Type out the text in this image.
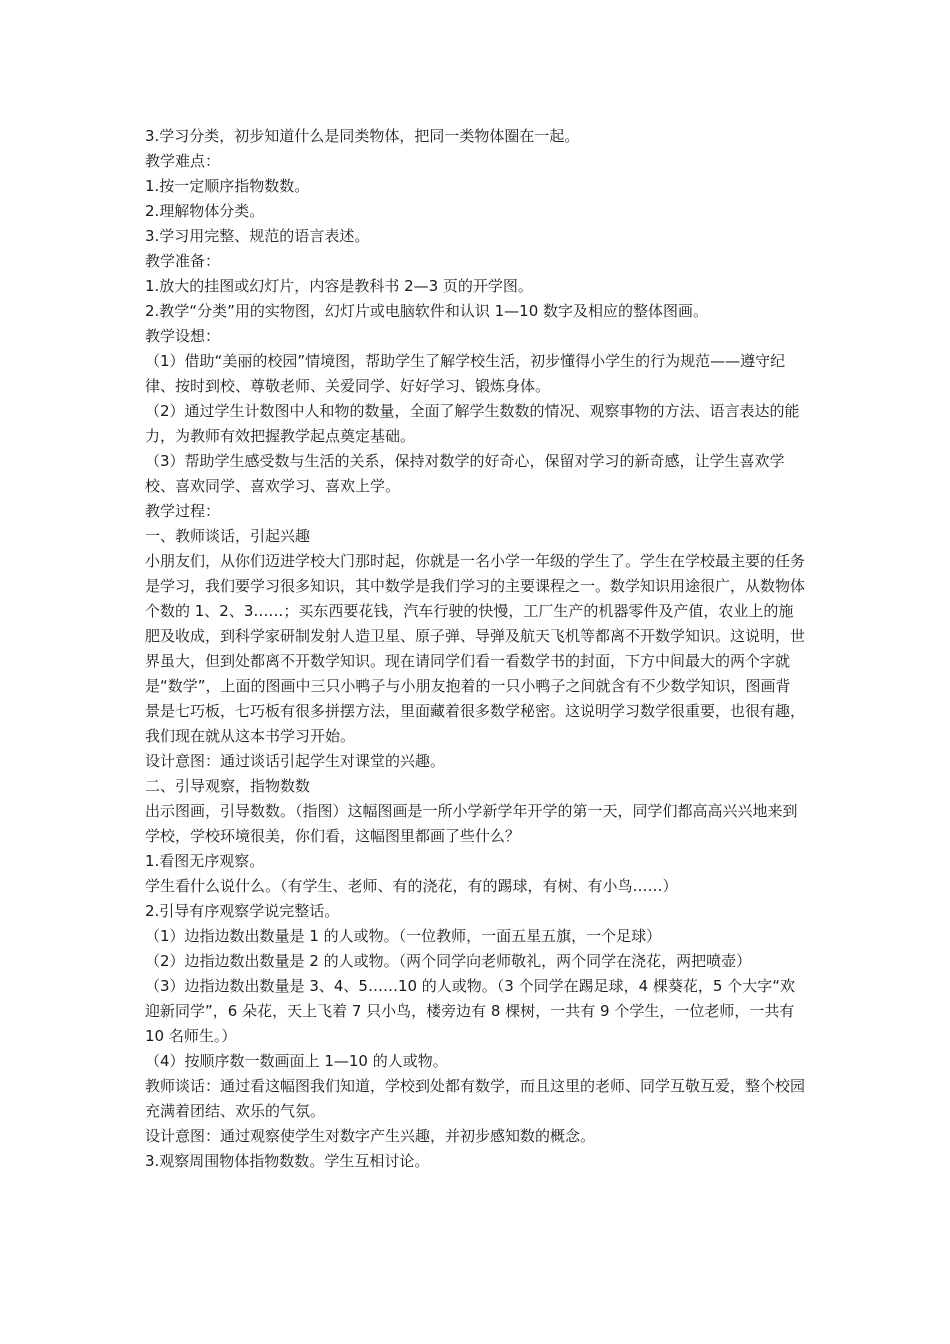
3.学习分类，初步知道什么是同类物体，把同一类物体圈在一起。
教学难点：
1.按一定顺序指物数数。
2.理解物体分类。
3.学习用完整、规范的语言表述。
教学准备：
1.放大的挂图或幻灯片，内容是教科书 2—3 页的开学图。
2.教学“分类”用的实物图，幻灯片或电脑软件和认识 1—10 数字及相应的整体图画。
教学设想：
（1）借助“美丽的校园”情境图，帮助学生了解学校生活，初步懂得小学生的行为规范——遵守纪律、按时到校、尊敬老师、关爱同学、好好学习、锻炼身体。
（2）通过学生计数图中人和物的数量，全面了解学生数数的情况、观察事物的方法、语言表达的能力，为教师有效把握教学起点奠定基础。
（3）帮助学生感受数与生活的关系，保持对数学的好奇心，保留对学习的新奇感，让学生喜欢学校、喜欢同学、喜欢学习、喜欢上学。
教学过程：
一、教师谈话，引起兴趣
小朋友们，从你们迈进学校大门那时起，你就是一名小学一年级的学生了。学生在学校最主要的任务是学习，我们要学习很多知识，其中数学是我们学习的主要课程之一。数学知识用途很广，从数物体个数的 1、2、3……；买东西要花钱，汽车行驶的快慢，工厂生产的机器零件及产值，农业上的施肥及收成，到科学家研制发射人造卫星、原子弹、导弹及航天飞机等都离不开数学知识。这说明，世界虽大，但到处都离不开数学知识。现在请同学们看一看数学书的封面，下方中间最大的两个字就是“数学”，上面的图画中三只小鸭子与小朋友抱着的一只小鸭子之间就含有不少数学知识，图画背景是七巧板，七巧板有很多拼摆方法，里面藏着很多数学秘密。这说明学习数学很重要，也很有趣，我们现在就从这本书学习开始。
设计意图：通过谈话引起学生对课堂的兴趣。
二、引导观察，指物数数
出示图画，引导数数。（指图）这幅图画是一所小学新学年开学的第一天，同学们都高高兴兴地来到学校，学校环境很美，你们看，这幅图里都画了些什么？
1.看图无序观察。
学生看什么说什么。（有学生、老师、有的浇花，有的踢球，有树、有小鸟……）
2.引导有序观察学说完整话。
（1）边指边数出数量是 1 的人或物。（一位教师，一面五星五旗，一个足球）
（2）边指边数出数量是 2 的人或物。（两个同学向老师敬礼，两个同学在浇花，两把喷壶）
（3）边指边数出数量是 3、4、5……10 的人或物。（3 个同学在踢足球，4 棵葵花，5 个大字“欢迎新同学”，6 朵花，天上飞着 7 只小鸟，楼旁边有 8 棵树，一共有 9 个学生，一位老师，一共有 10 名师生。）
（4）按顺序数一数画面上 1—10 的人或物。
教师谈话：通过看这幅图我们知道，学校到处都有数学，而且这里的老师、同学互敬互爱，整个校园充满着团结、欢乐的气氛。
设计意图：通过观察使学生对数字产生兴趣，并初步感知数的概念。
3.观察周围物体指物数数。学生互相讨论。
